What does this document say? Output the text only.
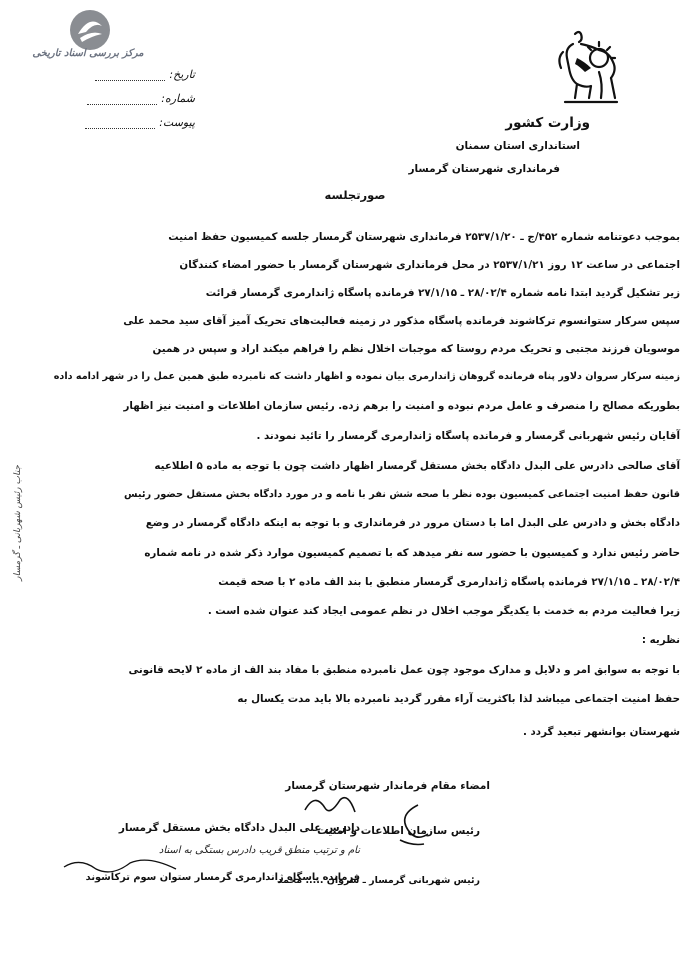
مرکز بررسی اسناد تاریخی
وزارت کشور
استانداری استان سمنان
فرمانداری شهرستان گرمسار
تاریخ:
شماره:
پیوست:
صورتجلسه
بموجب دعوتنامه شماره ۴۵۲/ج ـ ۲۵۳۷/۱/۲۰ فرمانداری شهرستان گرمسار جلسه کمیسیون حفظ امنیت
اجتماعی در ساعت ۱۲ روز ۲۵۳۷/۱/۲۱ در محل فرمانداری شهرستان گرمسار با حضور امضاء کنندگان
زیر تشکیل گردید ابتدا نامه شماره ۲۸/۰۲/۴ ـ ۲۷/۱/۱۵ فرمانده پاسگاه ژاندارمری گرمسار قرائت
سپس سرکار ستوانسوم ترکاشوند فرمانده پاسگاه مذکور در زمینه فعالیت‌های تحریک آمیز آقای سید محمد علی
موسویان فرزند مجتبی و تحریک مردم روستا که موجبات اخلال نظم را فراهم میکند اراد و سپس در همین
زمینه سرکار سروان دلاور پناه فرمانده گروهان ژاندارمری بیان نموده و اظهار داشت که نامبرده طبق همین عمل را در شهر ادامه داده
بطوریکه مصالح را منصرف و عامل مردم نبوده و امنیت را برهم زده. رئیس سازمان اطلاعات و امنیت نیز اظهار
آقایان رئیس شهربانی گرمسار و فرمانده پاسگاه ژاندارمری گرمسار را تائید نمودند .
آقای صالحی دادرس علی البدل دادگاه بخش مستقل گرمسار اظهار داشت چون با توجه به ماده ۵ اطلاعیه
قانون حفظ امنیت اجتماعی کمیسیون بوده نظر با صحه شش نفر با نامه و در مورد دادگاه بخش مستقل حضور رئیس
دادگاه بخش و دادرس علی البدل اما با دستان مرور در فرمانداری و با توجه به اینکه دادگاه گرمسار در وضع
حاضر رئیس ندارد و کمیسیون با حضور سه نفر میدهد که با تصمیم کمیسیون موارد ذکر شده در نامه شماره
۲۸/۰۲/۴ ـ ۲۷/۱/۱۵ فرمانده پاسگاه ژاندارمری گرمسار منطبق با بند الف ماده ۲ با صحه قیمت
زیرا فعالیت مردم به خدمت با یکدیگر موجب اخلال در نظم عمومی ایجاد کند عنوان شده است .
نظریه :
با توجه به سوابق امر و دلایل و مدارک موجود چون عمل نامبرده منطبق با مفاد بند الف از ماده ۲ لایحه قانونی
حفظ امنیت اجتماعی میباشد لذا باکثریت آراء مقرر گردید نامبرده بالا باید مدت یکسال به
شهرستان بوانشهر تبعید گردد .
جناب رئیس شهربانی ـ گرمسار
امضاء مقام فرماندار شهرستان گرمسار
رئیس سازمان اطلاعات و امنیت
رئیس شهربانی گرمسار ـ سروان ..... محمد
دادرس علی البدل دادگاه بخش مستقل گرمسار
نام و ترتیب منطق قریب دادرس بستگی به اسناد
فرمانده پاسگاه ژاندارمری گرمسار ستوان سوم ترکاشوند
